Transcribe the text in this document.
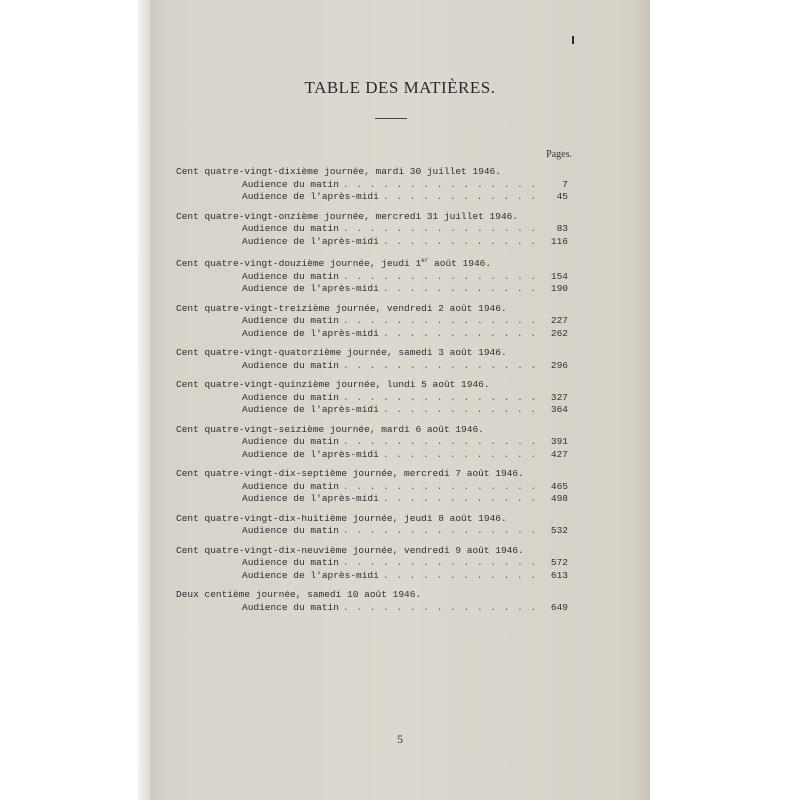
TABLE DES MATIÈRES.
Pages.
Cent quatre-vingt-dixième journée, mardi 30 juillet 1946.
Audience du matin . . .	7
Audience de l'après-midi . . .	45
Cent quatre-vingt-onzième journée, mercredi 31 juillet 1946.
Audience du matin . . .	83
Audience de l'après-midi . . .	116
Cent quatre-vingt-douzième journée, jeudi 1er août 1946.
Audience du matin . . .	154
Audience de l'après-midi . . .	190
Cent quatre-vingt-treizième journée, vendredi 2 août 1946.
Audience du matin . . .	227
Audience de l'après-midi . . .	262
Cent quatre-vingt-quatorzième journée, samedi 3 août 1946.
Audience du matin . . .	296
Cent quatre-vingt-quinzième journée, lundi 5 août 1946.
Audience du matin . . .	327
Audience de l'après-midi . . .	364
Cent quatre-vingt-seizième journée, mardi 6 août 1946.
Audience du matin . . .	391
Audience de l'après-midi . . .	427
Cent quatre-vingt-dix-septième journée, mercredi 7 août 1946.
Audience du matin . . .	465
Audience de l'après-midi . . .	498
Cent quatre-vingt-dix-huitième journée, jeudi 8 août 1946.
Audience du matin . . .	532
Cent quatre-vingt-dix-neuvième journée, vendredi 9 août 1946.
Audience du matin . . .	572
Audience de l'après-midi . . .	613
Deux centième journée, samedi 10 août 1946.
Audience du matin . . .	649
5
